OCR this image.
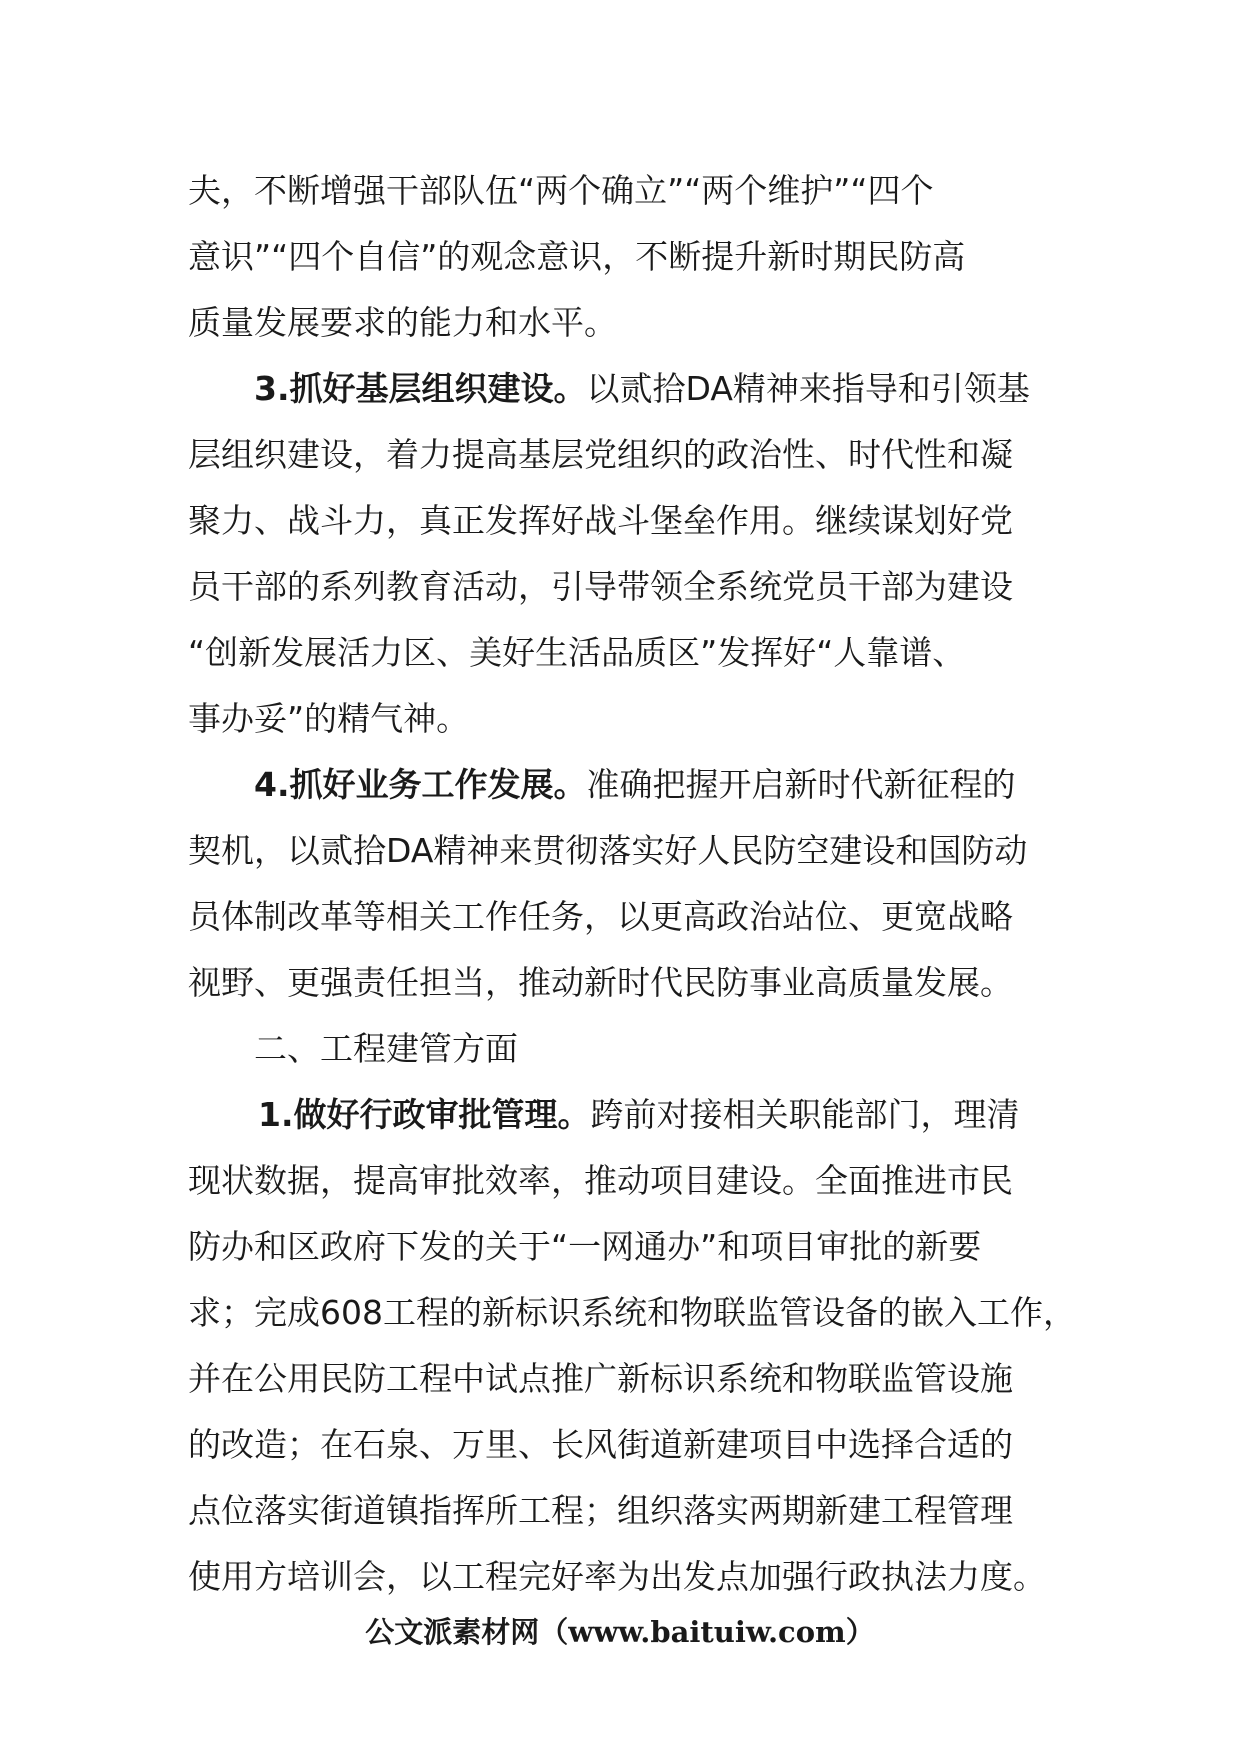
夫，不断增强干部队伍“两个确立”“两个维护”“四个
意识”“四个自信”的观念意识，不断提升新时期民防高
质量发展要求的能力和水平。
3.抓好基层组织建设。以贰拾DA精神来指导和引领基
层组织建设，着力提高基层党组织的政治性、时代性和凝
聚力、战斗力，真正发挥好战斗堡垒作用。继续谋划好党
员干部的系列教育活动，引导带领全系统党员干部为建设
“创新发展活力区、美好生活品质区”发挥好“人靠谱、
事办妥”的精气神。
4.抓好业务工作发展。准确把握开启新时代新征程的
契机，以贰拾DA精神来贯彻落实好人民防空建设和国防动
员体制改革等相关工作任务，以更高政治站位、更宽战略
视野、更强责任担当，推动新时代民防事业高质量发展。
二、工程建管方面
1.做好行政审批管理。跨前对接相关职能部门，理清
现状数据，提高审批效率，推动项目建设。全面推进市民
防办和区政府下发的关于“一网通办”和项目审批的新要
求；完成608工程的新标识系统和物联监管设备的嵌入工作，
并在公用民防工程中试点推广新标识系统和物联监管设施
的改造；在石泉、万里、长风街道新建项目中选择合适的
点位落实街道镇指挥所工程；组织落实两期新建工程管理
使用方培训会，以工程完好率为出发点加强行政执法力度。
公文派素材网（www.baituiw.com）
